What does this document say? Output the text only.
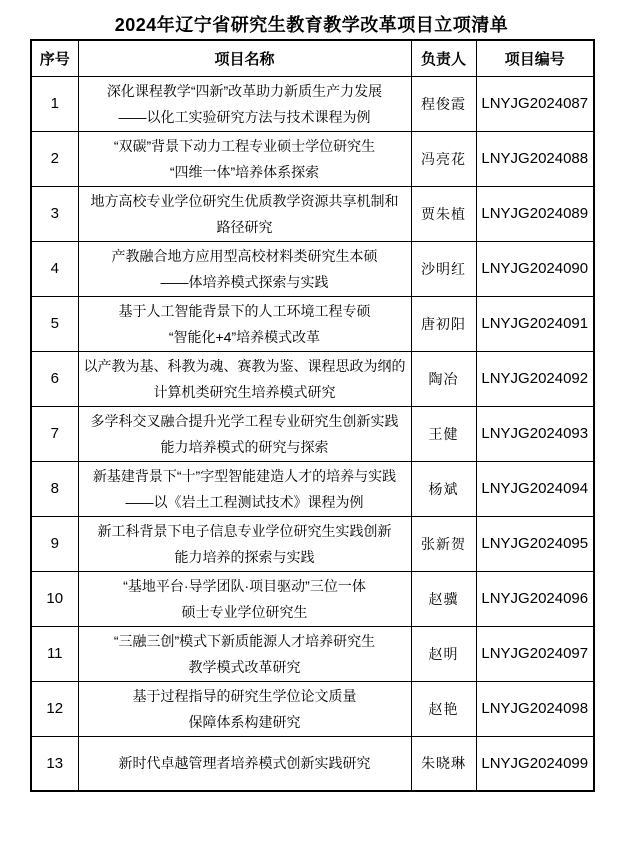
2024年辽宁省研究生教育教学改革项目立项清单
序号	项目名称	负责人	项目编号
1	深化课程教学“四新”改革助力新质生产力发展
——以化工实验研究方法与技术课程为例	程俊霞	LNYJG2024087
2	“双碳”背景下动力工程专业硕士学位研究生
“四维一体”培养体系探索	冯亮花	LNYJG2024088
3	地方高校专业学位研究生优质教学资源共享机制和
路径研究	贾朱植	LNYJG2024089
4	产教融合地方应用型高校材料类研究生本硕
——体培养模式探索与实践	沙明红	LNYJG2024090
5	基于人工智能背景下的人工环境工程专硕
“智能化+4”培养模式改革	唐初阳	LNYJG2024091
6	以产教为基、科教为魂、赛教为鉴、课程思政为纲的
计算机类研究生培养模式研究	陶冶	LNYJG2024092
7	多学科交叉融合提升光学工程专业研究生创新实践
能力培养模式的研究与探索	王健	LNYJG2024093
8	新基建背景下“十”字型智能建造人才的培养与实践
——以《岩土工程测试技术》课程为例	杨斌	LNYJG2024094
9	新工科背景下电子信息专业学位研究生实践创新
能力培养的探索与实践	张新贺	LNYJG2024095
10	“基地平台·导学团队·项目驱动”三位一体
硕士专业学位研究生	赵骥	LNYJG2024096
11	“三融三创”模式下新质能源人才培养研究生
教学模式改革研究	赵明	LNYJG2024097
12	基于过程指导的研究生学位论文质量
保障体系构建研究	赵艳	LNYJG2024098
13	新时代卓越管理者培养模式创新实践研究	朱晓琳	LNYJG2024099
